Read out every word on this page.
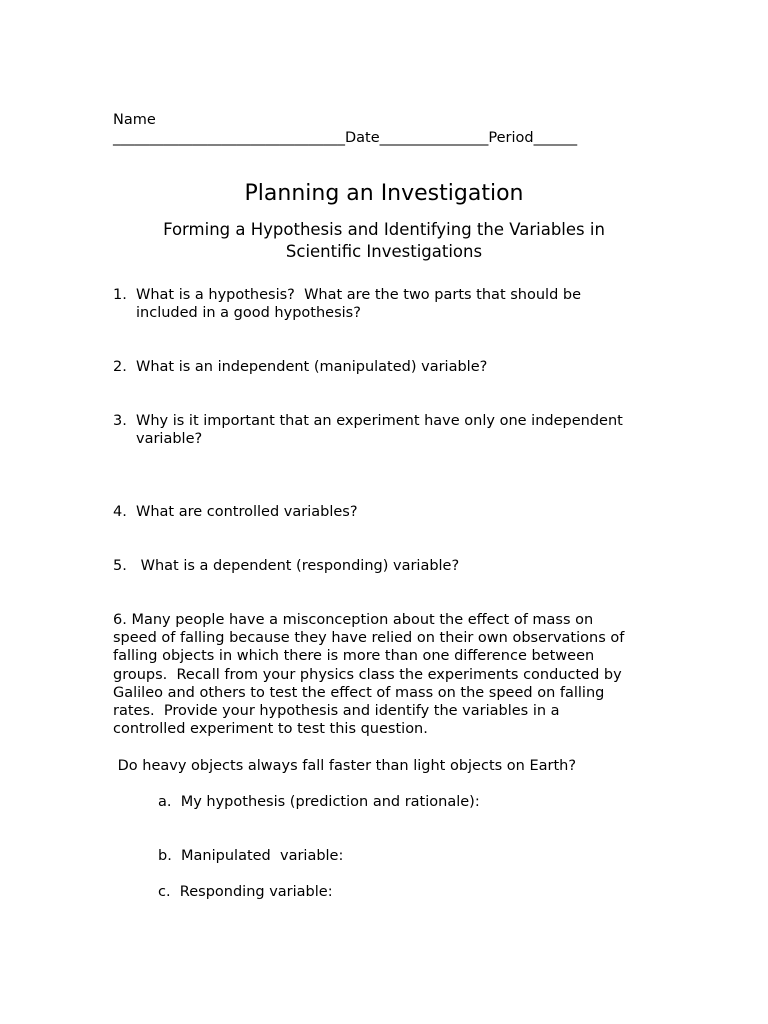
Name

________________________________Date_______________Period______

Planning an Investigation
Forming a Hypothesis and Identifying the Variables in
Scientific Investigations
1. What is a hypothesis?  What are the two parts that should be
included in a good hypothesis?
2. What is an independent (manipulated) variable?
3. Why is it important that an experiment have only one independent
variable?
4. What are controlled variables?
5. What is a dependent (responding) variable?
6. Many people have a misconception about the effect of mass on
speed of falling because they have relied on their own observations of
falling objects in which there is more than one difference between
groups.  Recall from your physics class the experiments conducted by
Galileo and others to test the effect of mass on the speed on falling
rates.  Provide your hypothesis and identify the variables in a
controlled experiment to test this question.

Do heavy objects always fall faster than light objects on Earth?

a.  My hypothesis (prediction and rationale):

b.  Manipulated  variable:

c.  Responding variable:
